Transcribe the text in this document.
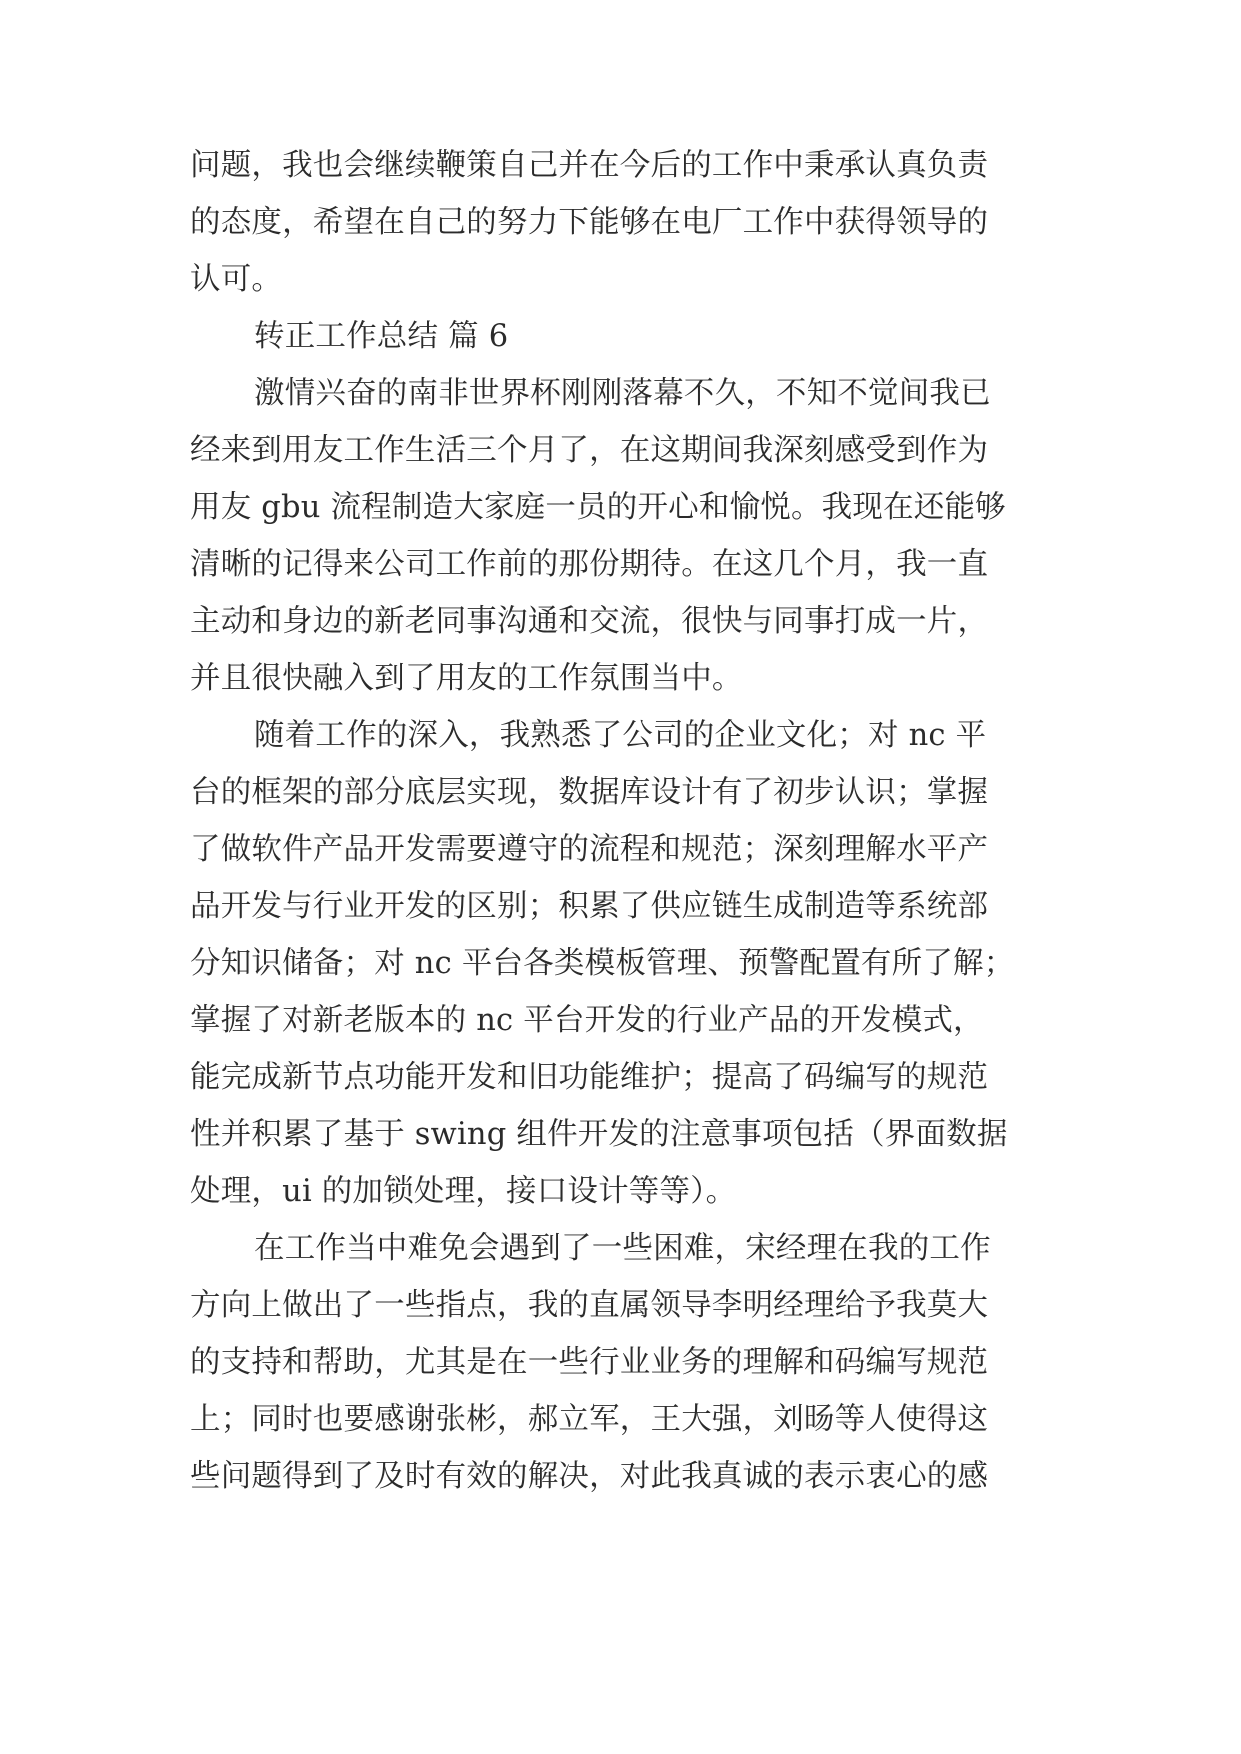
问题，我也会继续鞭策自己并在今后的工作中秉承认真负责
的态度，希望在自己的努力下能够在电厂工作中获得领导的
认可。
转正工作总结 篇 6
激情兴奋的南非世界杯刚刚落幕不久，不知不觉间我已
经来到用友工作生活三个月了，在这期间我深刻感受到作为
用友 gbu 流程制造大家庭一员的开心和愉悦。我现在还能够
清晰的记得来公司工作前的那份期待。在这几个月，我一直
主动和身边的新老同事沟通和交流，很快与同事打成一片，
并且很快融入到了用友的工作氛围当中。
随着工作的深入，我熟悉了公司的企业文化；对 nc 平
台的框架的部分底层实现，数据库设计有了初步认识；掌握
了做软件产品开发需要遵守的流程和规范；深刻理解水平产
品开发与行业开发的区别；积累了供应链生成制造等系统部
分知识储备；对 nc 平台各类模板管理、预警配置有所了解；
掌握了对新老版本的 nc 平台开发的行业产品的开发模式，
能完成新节点功能开发和旧功能维护；提高了码编写的规范
性并积累了基于 swing 组件开发的注意事项包括（界面数据
处理，ui 的加锁处理，接口设计等等）。
在工作当中难免会遇到了一些困难，宋经理在我的工作
方向上做出了一些指点，我的直属领导李明经理给予我莫大
的支持和帮助，尤其是在一些行业业务的理解和码编写规范
上；同时也要感谢张彬，郝立军，王大强，刘旸等人使得这
些问题得到了及时有效的解决，对此我真诚的表示衷心的感
